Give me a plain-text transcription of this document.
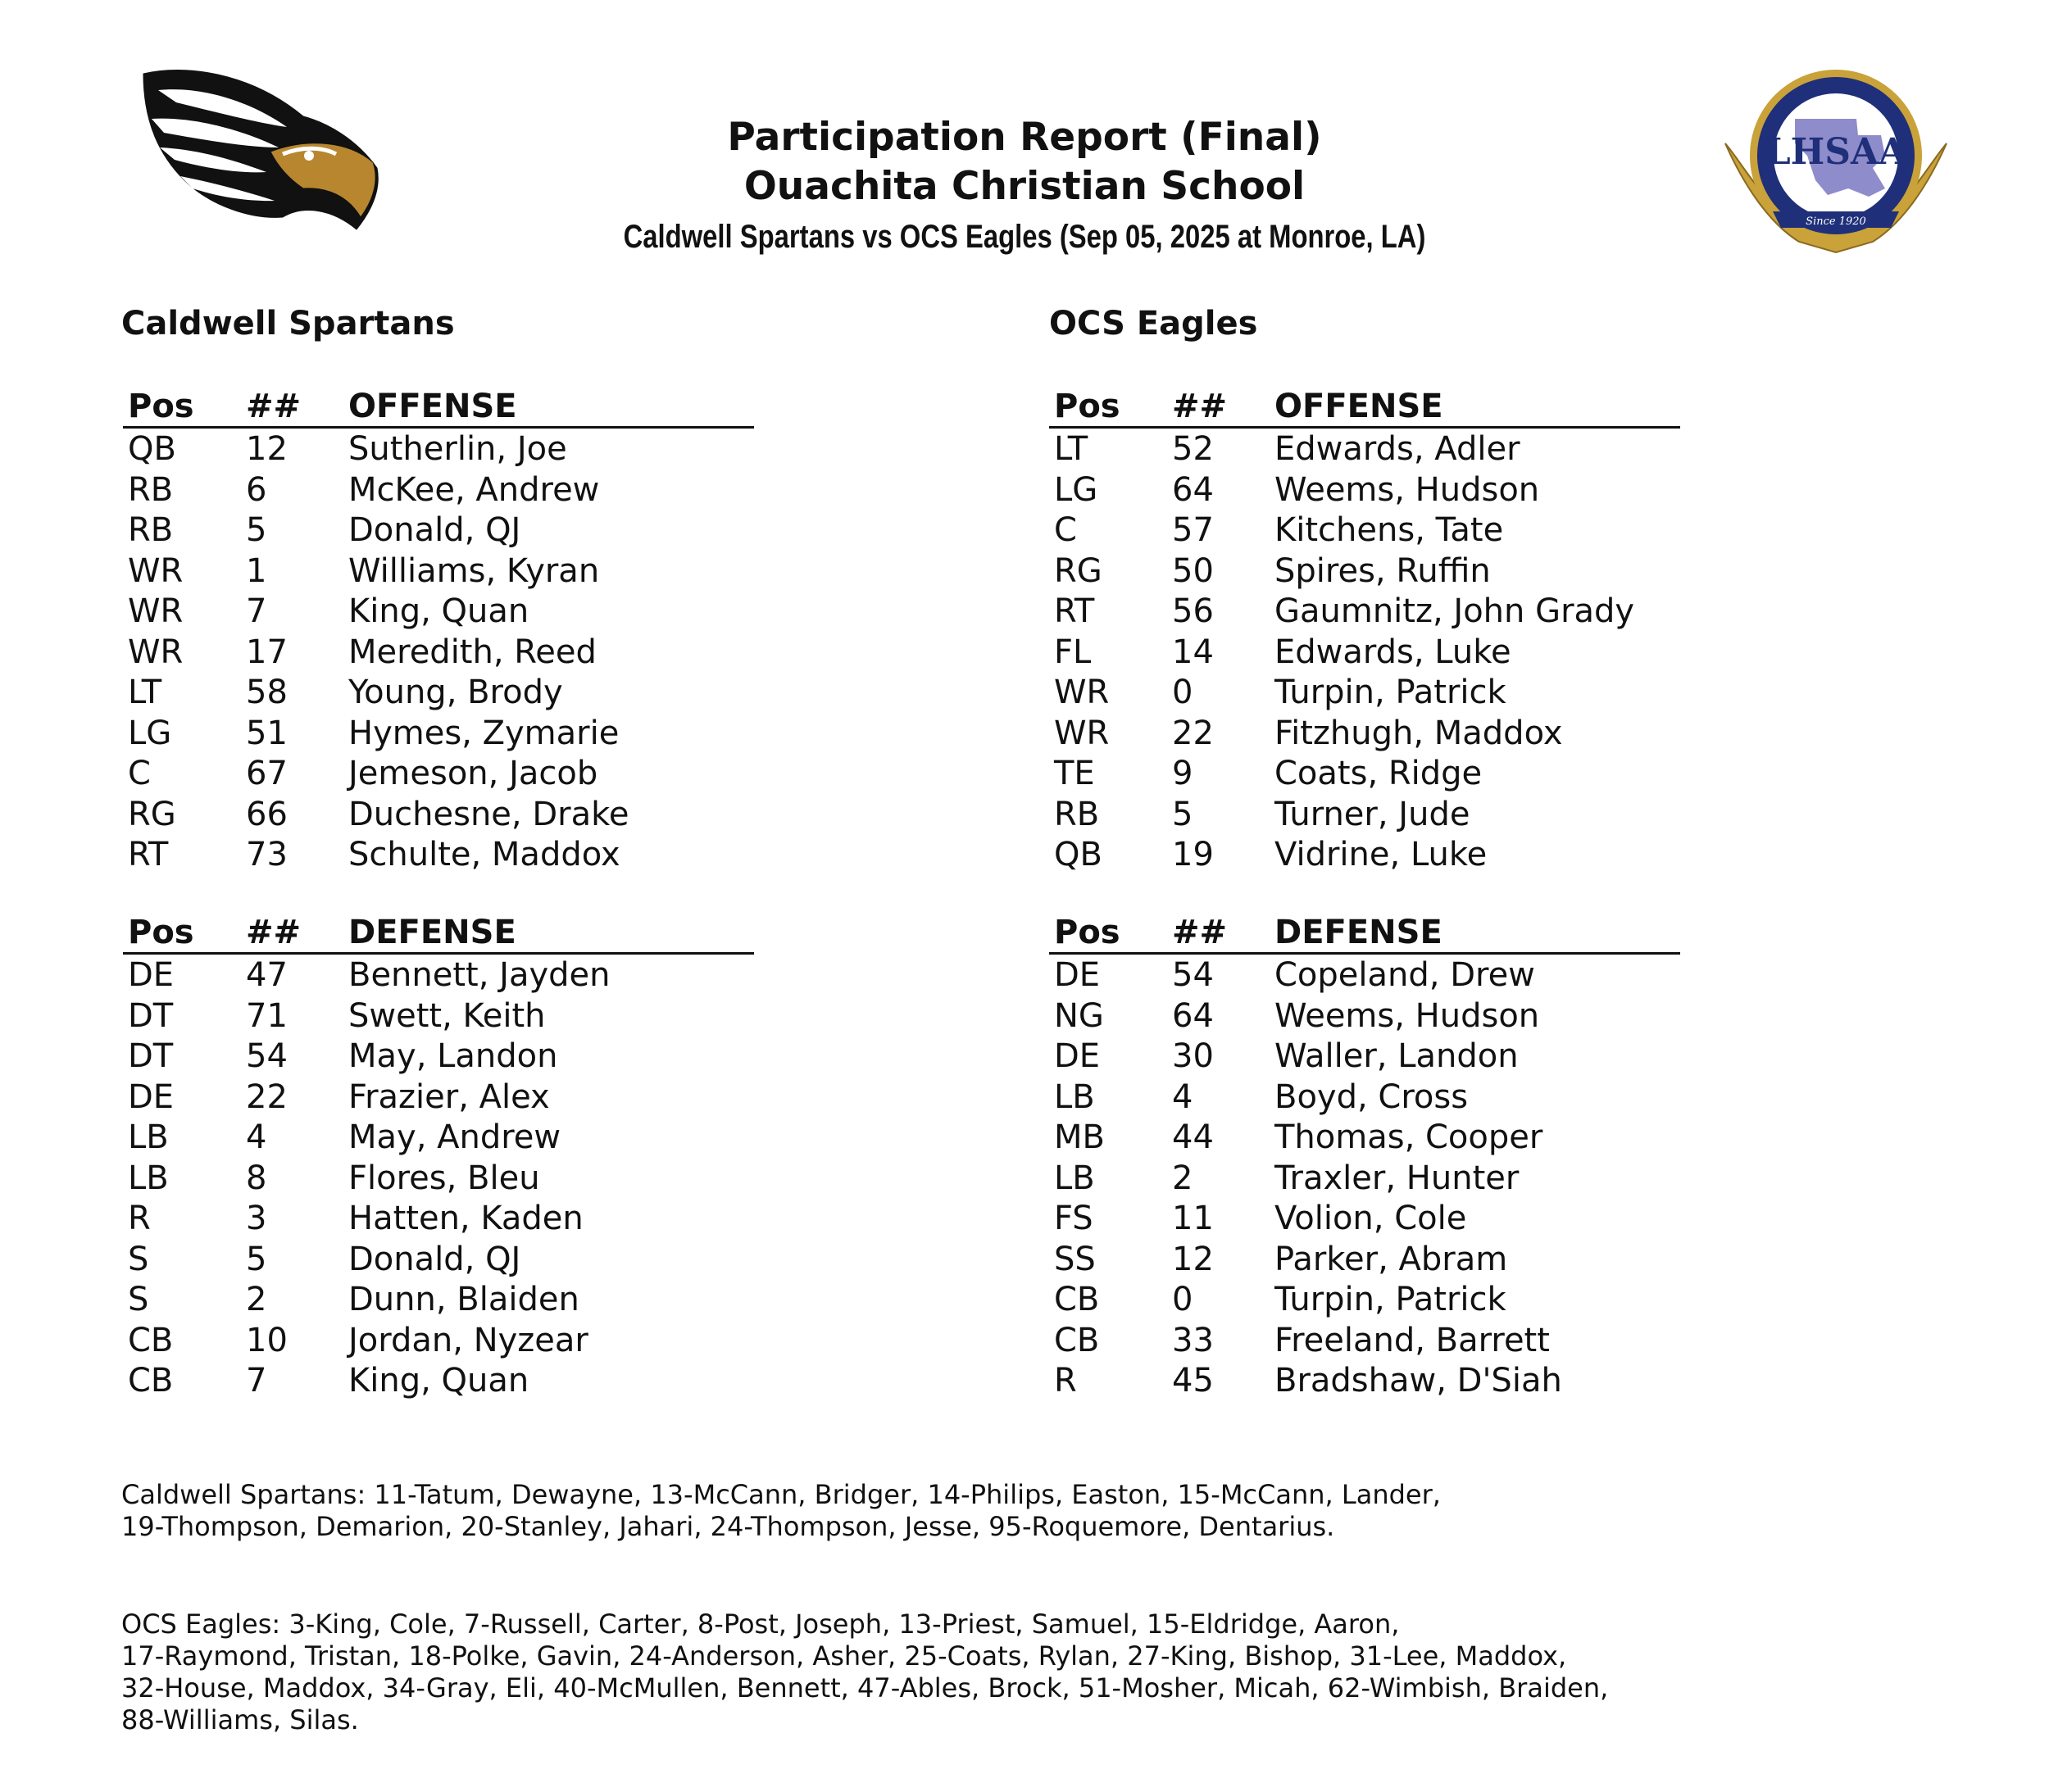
LHSAA
Since 1920
Participation Report (Final)
Ouachita Christian School
Caldwell Spartans vs OCS Eagles (Sep 05, 2025 at Monroe, LA)
Caldwell Spartans	OCS Eagles
Pos ## OFFENSE
QB 12 Sutherlin, Joe
RB 6 McKee, Andrew
RB 5 Donald, QJ
WR 1 Williams, Kyran
WR 7 King, Quan
WR 17 Meredith, Reed
LT	58 Young, Brody
LG 51 Hymes, Zymarie
C	67 Jemeson, Jacob
RG 66 Duchesne, Drake
RT 73 Schulte, Maddox
Pos ## DEFENSE
DE 47 Bennett, Jayden
DT 71 Swett, Keith
DT 54 May, Landon
DE 22 Frazier, Alex
LB 4 May, Andrew
LB 8 Flores, Bleu
R	3 Hatten, Kaden
S	5 Donald, QJ
S	2 Dunn, Blaiden
CB 10 Jordan, Nyzear
CB 7 King, Quan
Pos ## OFFENSE
LT	52 Edwards, Adler
LG 64 Weems, Hudson
C	57 Kitchens, Tate
RG 50 Spires, Ruffin
RT 56 Gaumnitz, John Grady
FL 14 Edwards, Luke
WR 0 Turpin, Patrick
WR 22 Fitzhugh, Maddox
TE 9 Coats, Ridge
RB 5 Turner, Jude
QB 19 Vidrine, Luke
Pos ## DEFENSE
DE 54 Copeland, Drew
NG 64 Weems, Hudson
DE 30 Waller, Landon
LB 4 Boyd, Cross
MB 44 Thomas, Cooper
LB 2 Traxler, Hunter
FS 11 Volion, Cole
SS 12 Parker, Abram
CB 0 Turpin, Patrick
CB 33 Freeland, Barrett
R	45 Bradshaw, D'Siah
Caldwell Spartans: 11-Tatum, Dewayne, 13-McCann, Bridger, 14-Philips, Easton, 15-McCann, Lander,
19-Thompson, Demarion, 20-Stanley, Jahari, 24-Thompson, Jesse, 95-Roquemore, Dentarius.
OCS Eagles: 3-King, Cole, 7-Russell, Carter, 8-Post, Joseph, 13-Priest, Samuel, 15-Eldridge, Aaron,
17-Raymond, Tristan, 18-Polke, Gavin, 24-Anderson, Asher, 25-Coats, Rylan, 27-King, Bishop, 31-Lee, Maddox,
32-House, Maddox, 34-Gray, Eli, 40-McMullen, Bennett, 47-Ables, Brock, 51-Mosher, Micah, 62-Wimbish, Braiden,
88-Williams, Silas.
